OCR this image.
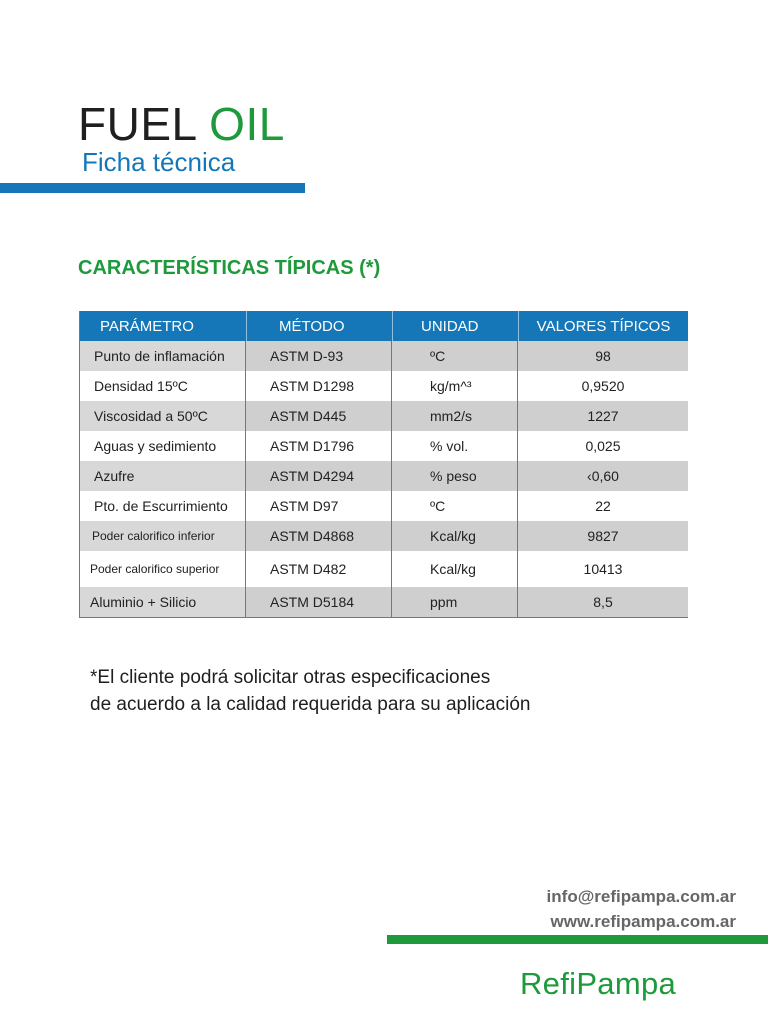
FUEL OIL
Ficha técnica
CARACTERÍSTICAS TÍPICAS (*)
PARÁMETRO	MÉTODO	UNIDAD	VALORES TÍPICOS
Punto de inflamación	ASTM D-93	ºC	98
Densidad 15ºC	ASTM D1298	kg/m^³	0,9520
Viscosidad a 50ºC	ASTM D445	mm2/s	1227
Aguas y sedimiento	ASTM D1796	% vol.	0,025
Azufre	ASTM D4294	% peso	‹0,60
Pto. de Escurrimiento	ASTM D97	ºC	22
Poder calorifico inferior	ASTM D4868	Kcal/kg	9827
Poder calorifico superior	ASTM D482	Kcal/kg	10413
Aluminio + Silicio	ASTM D5184	ppm	8,5
*El cliente podrá solicitar otras especificaciones
de acuerdo a la calidad requerida para su aplicación
info@refipampa.com.ar
www.refipampa.com.ar
RefiPampa
